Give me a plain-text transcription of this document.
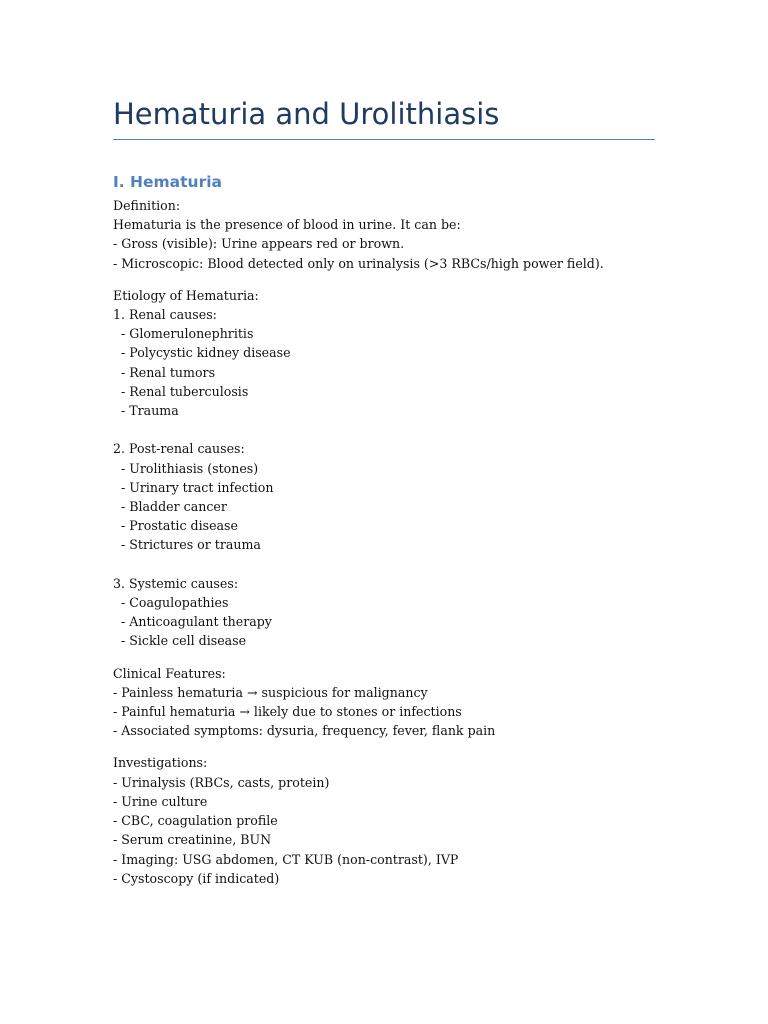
Hematuria and Urolithiasis
I. Hematuria
Definition:
Hematuria is the presence of blood in urine. It can be:
- Gross (visible): Urine appears red or brown.
- Microscopic: Blood detected only on urinalysis (>3 RBCs/high power field).
Etiology of Hematuria:
1. Renal causes:
- Glomerulonephritis
- Polycystic kidney disease
- Renal tumors
- Renal tuberculosis
- Trauma

2. Post-renal causes:
- Urolithiasis (stones)
- Urinary tract infection
- Bladder cancer
- Prostatic disease
- Strictures or trauma

3. Systemic causes:
- Coagulopathies
- Anticoagulant therapy
- Sickle cell disease
Clinical Features:
- Painless hematuria → suspicious for malignancy
- Painful hematuria → likely due to stones or infections
- Associated symptoms: dysuria, frequency, fever, flank pain
Investigations:
- Urinalysis (RBCs, casts, protein)
- Urine culture
- CBC, coagulation profile
- Serum creatinine, BUN
- Imaging: USG abdomen, CT KUB (non-contrast), IVP
- Cystoscopy (if indicated)
